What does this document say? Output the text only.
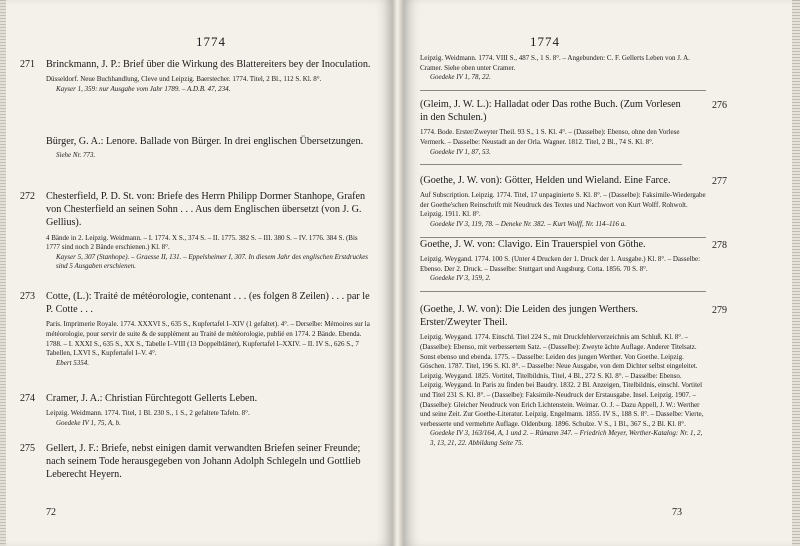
1774
271 Brinckmann, J. P.: Brief über die Wirkung des Blattereiters bey der Inoculation.
Düsseldorf. Neue Buchhandlung, Cleve und Leipzig. Baerstecher. 1774. Titel, 2 Bl., 112 S. Kl. 8°.
Kayser 1, 359: nur Ausgabe vom Jahr 1789. – A.D.B. 47, 234.
Bürger, G. A.: Lenore. Ballade von Bürger. In drei englischen Übersetzungen.
Siehe Nr. 773.
272 Chesterfield, P. D. St. von: Briefe des Herrn Philipp Dormer Stanhope, Grafen von Chesterfield an seinen Sohn . . . Aus dem Englischen übersetzt (von J. G. Gellius).
4 Bände in 2. Leipzig. Weidmann. – I. 1774. X S., 374 S. – II. 1775. 382 S. – III. 380 S. – IV. 1776. 384 S. (Bis 1777 sind noch 2 Bände erschienen.) Kl. 8°.
Kayser 5, 307 (Stanhope). – Graesse II, 131. – Eppelsheimer I, 307. In diesem Jahr des englischen Erstdruckes sind 5 Ausgaben erschienen.
273 Cotte, (L.): Traité de météorologie, contenant . . . (es folgen 8 Zeilen) . . . par le P. Cotte . . .
Paris. Imprimerie Royale. 1774. XXXVI S., 635 S., Kupfertafel I–XIV (1 gefaltet). 4°. – Derselbe: Mémoires sur la météorologie, pour servir de suite & de supplément au Traité de météorologie, publié en 1774. 2 Bände. Ebenda. 1788. – I. XXXI S., 635 S., XX S., Tabelle I–VIII (13 Doppelblätter), Kupfertafel I–XXIV. – II. IV S., 626 S., 7 Tabellen, LXVI S., Kupfertafel I–V. 4°.
Ebert 5354.
274 Cramer, J. A.: Christian Fürchtegott Gellerts Leben.
Leipzig. Weidmann. 1774. Titel, 1 Bl. 230 S., 1 S., 2 gefaltete Tafeln. 8°.
Goedeke IV 1, 75, A, b.
275 Gellert, J. F.: Briefe, nebst einigen damit verwandten Briefen seiner Freunde; nach seinem Tode herausgegeben von Johann Adolph Schlegeln und Gottlieb Leberecht Heyern.
72
1774
Leipzig. Weidmann. 1774. VIII S., 487 S., 1 S. 8°. – Angebunden: C. F. Gellerts Leben von J. A. Cramer. Siehe oben unter Cramer.
Goedeke IV 1, 78, 22.
276
(Gleim, J. W. L.): Halladat oder Das rothe Buch. (Zum Vorlesen in den Schulen.)
1774. Bode. Erster/Zweyter Theil. 93 S., 1 S. Kl. 4°. – (Dasselbe): Ebenso, ohne den Vorlese Vermerk. – Dasselbe: Neustadt an der Orla. Wagner. 1812. Titel, 2 Bl., 74 S. Kl. 8°.
Goedeke IV 1, 87, 53.
277
(Goethe, J. W. von): Götter, Helden und Wieland. Eine Farce.
Auf Subscription. Leipzig. 1774. Titel, 17 unpaginierte S. Kl. 8°. – (Dasselbe): Faksimile-Wiedergabe der Goethe'schen Reinschrift mit Neudruck des Textes und Nachwort von Kurt Wolff. Rohwolt. Leipzig. 1911. Kl. 8°.
Goedeke IV 3, 119, 78. – Deneke Nr. 382. – Kurt Wolff, Nr. 114–116 a.
278
Goethe, J. W. von: Clavigo. Ein Trauerspiel von Göthe.
Leipzig. Weygand. 1774. 100 S. (Unter 4 Drucken der 1. Druck der 1. Ausgabe.) Kl. 8°. – Dasselbe: Ebenso. Der 2. Druck. – Dasselbe: Stuttgart und Augsburg. Cotta. 1856. 70 S. 8°.
Goedeke IV 3, 159, 2.
279
(Goethe, J. W. von): Die Leiden des jungen Werthers. Erster/Zweyter Theil.
Leipzig. Weygand. 1774. Einschl. Titel 224 S., mit Druckfehlerverzeichnis am Schluß. Kl. 8°. – (Dasselbe): Ebenso, mit verbessertem Satz. – (Dasselbe): Zweyte ächte Auflage. Anderer Titelsatz. Sonst ebenso und ebenda. 1775. – Dasselbe: Leiden des jungen Werther. Von Goethe. Leipzig. Göschen. 1787. Titel, 196 S. Kl. 8°. – Dasselbe: Neue Ausgabe, von dem Dichter selbst eingeleitet. Leipzig. Weygand. 1825. Vortitel, Titelbildnis, Titel, 4 Bl., 272 S. Kl. 8°. – Dasselbe: Ebenso. Leipzig. Weygand. In Paris zu finden bei Baudry. 1832. 2 Bl. Anzeigen, Titelbildnis, einschl. Vortitel und Titel 231 S. Kl. 8°. – (Dasselbe): Faksimile-Neudruck der Erstausgabe. Insel. Leipzig. 1907. – (Dasselbe): Gleicher Neudruck von Erich Lichtenstein. Weimar. O. J. – Dazu Appell, J. W.: Werther und seine Zeit. Zur Goethe-Literatur. Leipzig. Engelmann. 1855. IV S., 188 S. 8°. – Dasselbe: Vierte, verbesserte und vermehrte Auflage. Oldenburg. 1896. Schulze. V S., 1 Bl., 367 S., 2 Bl. Kl. 8°.
Goedeke IV 3, 163/164, A, 1 und 2. – Rümann 347. – Friedrich Meyer, Werther-Katalog: Nr. 1, 2, 3, 13, 21, 22. Abbildung Seite 75.
73
